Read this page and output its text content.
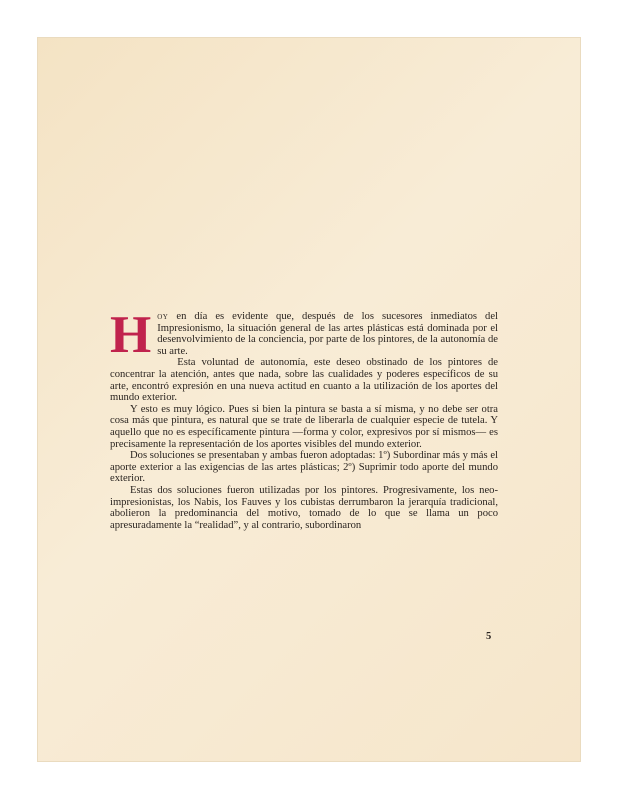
Hoy en día es evidente que, después de los sucesores inmediatos del Impresionismo, la situación general de las artes plásticas está dominada por el desenvolvimiento de la conciencia, por parte de los pintores, de la autonomía de su arte.

Esta voluntad de autonomía, este deseo obstinado de los pintores de concentrar la atención, antes que nada, sobre las cualidades y poderes específicos de su arte, encontró expresión en una nueva actitud en cuanto a la utilización de los aportes del mundo exterior.

Y esto es muy lógico. Pues si bien la pintura se basta a sí misma, y no debe ser otra cosa más que pintura, es natural que se trate de liberarla de cualquier especie de tutela. Y aquello que no es específicamente pintura —forma y color, expresivos por sí mismos— es precisamente la representación de los aportes visibles del mundo exterior.

Dos soluciones se presentaban y ambas fueron adoptadas: 1º) Subordinar más y más el aporte exterior a las exigencias de las artes plásticas; 2º) Suprimir todo aporte del mundo exterior.

Estas dos soluciones fueron utilizadas por los pintores. Progresivamente, los neo-impresionistas, los Nabis, los Fauves y los cubistas derrumbaron la jerarquía tradicional, abolieron la predominancia del motivo, tomado de lo que se llama un poco apresuradamente la “realidad”, y al contrario, subordinaron

5
